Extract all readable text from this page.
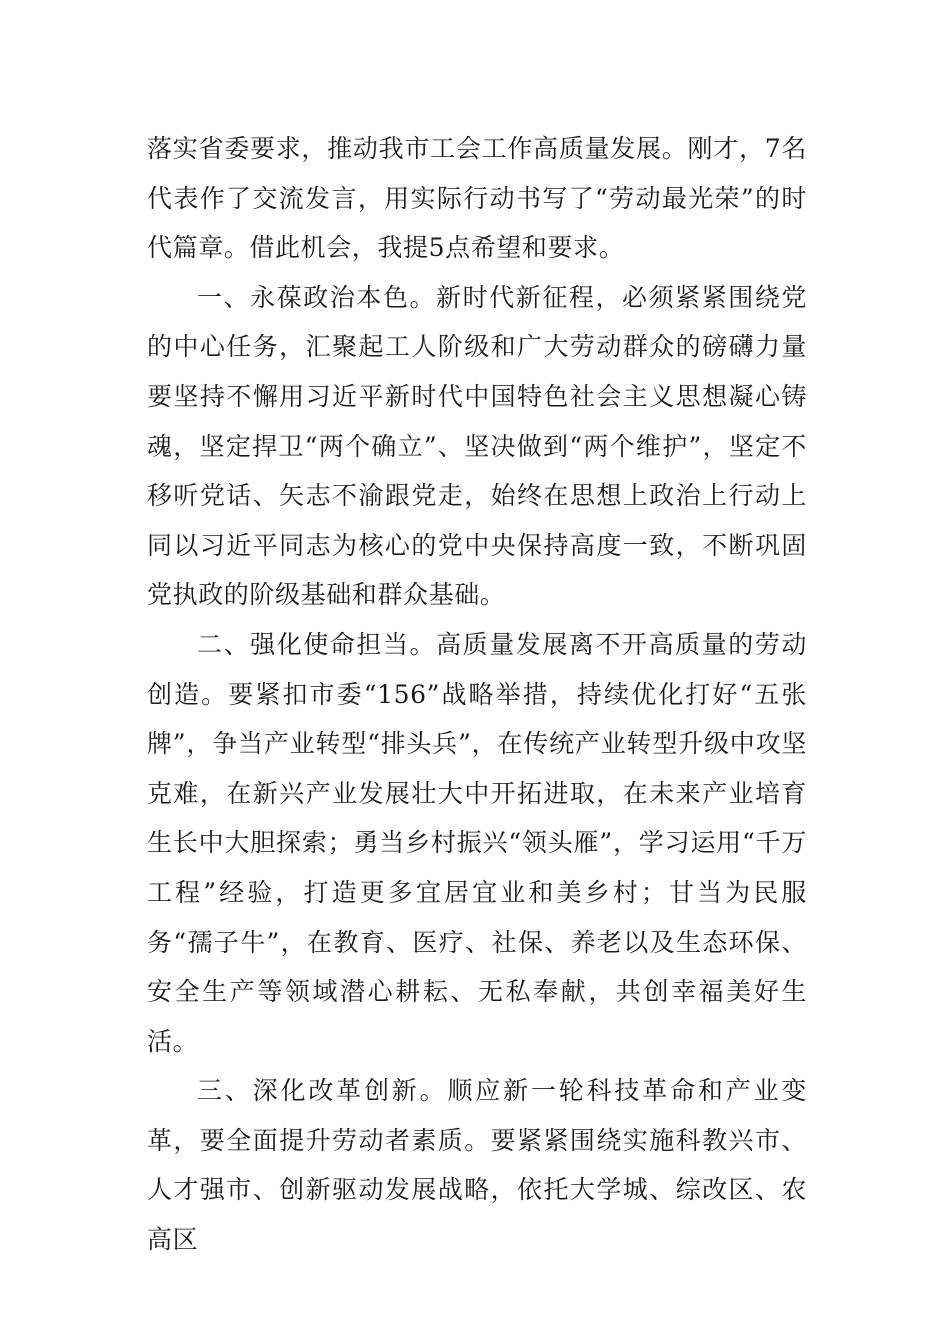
落实省委要求，推动我市工会工作高质量发展。刚才，7名代表作了交流发言，用实际行动书写了“劳动最光荣”的时代篇章。借此机会，我提5点希望和要求。

一、永葆政治本色。新时代新征程，必须紧紧围绕党的中心任务，汇聚起工人阶级和广大劳动群众的磅礴力量要坚持不懈用习近平新时代中国特色社会主义思想凝心铸魂，坚定捍卫“两个确立”、坚决做到“两个维护”，坚定不移听党话、矢志不渝跟党走，始终在思想上政治上行动上同以习近平同志为核心的党中央保持高度一致，不断巩固党执政的阶级基础和群众基础。

二、强化使命担当。高质量发展离不开高质量的劳动创造。要紧扣市委“156”战略举措，持续优化打好“五张牌”，争当产业转型“排头兵”，在传统产业转型升级中攻坚克难，在新兴产业发展壮大中开拓进取，在未来产业培育生长中大胆探索；勇当乡村振兴“领头雁”，学习运用“千万工程”经验，打造更多宜居宜业和美乡村；甘当为民服务“孺子牛”，在教育、医疗、社保、养老以及生态环保、安全生产等领域潜心耕耘、无私奉献，共创幸福美好生活。

三、深化改革创新。顺应新一轮科技革命和产业变革，要全面提升劳动者素质。要紧紧围绕实施科教兴市、人才强市、创新驱动发展战略，依托大学城、综改区、农高区
